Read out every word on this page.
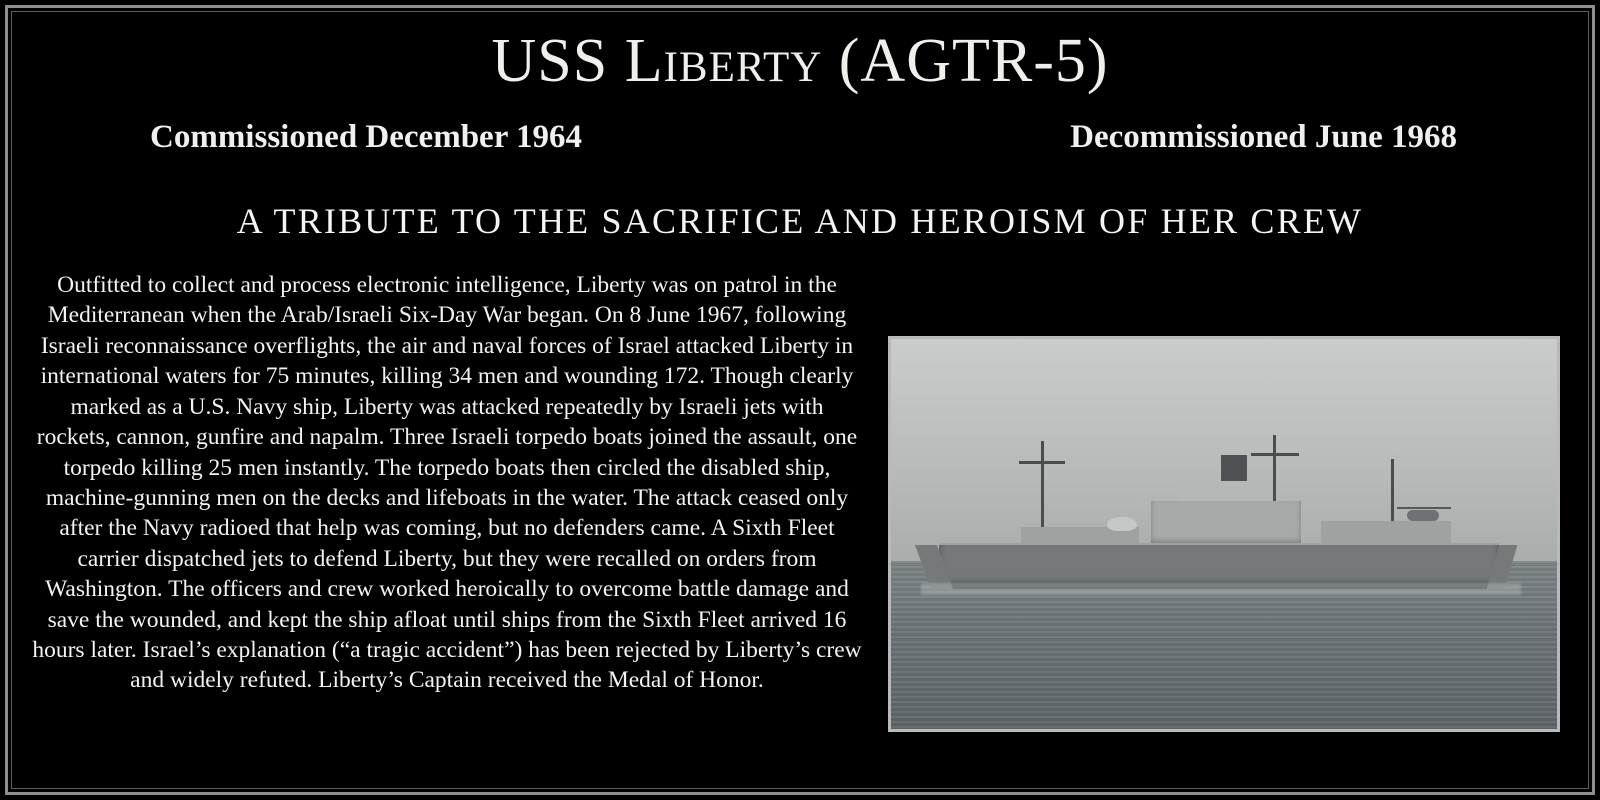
USS Liberty (AGTR-5)
Commissioned December 1964	Decommissioned June 1968
A TRIBUTE TO THE SACRIFICE AND HEROISM OF HER CREW

Outfitted to collect and process electronic intelligence, Liberty was on patrol in the Mediterranean when the Arab/Israeli Six-Day War began. On 8 June 1967, following Israeli reconnaissance overflights, the air and naval forces of Israel attacked Liberty in international waters for 75 minutes, killing 34 men and wounding 172. Though clearly marked as a U.S. Navy ship, Liberty was attacked repeatedly by Israeli jets with rockets, cannon, gunfire and napalm. Three Israeli torpedo boats joined the assault, one torpedo killing 25 men instantly. The torpedo boats then circled the disabled ship, machine-gunning men on the decks and lifeboats in the water. The attack ceased only after the Navy radioed that help was coming, but no defenders came. A Sixth Fleet carrier dispatched jets to defend Liberty, but they were recalled on orders from Washington. The officers and crew worked heroically to overcome battle damage and save the wounded, and kept the ship afloat until ships from the Sixth Fleet arrived 16 hours later. Israel’s explanation (“a tragic accident”) has been rejected by Liberty’s crew and widely refuted. Liberty’s Captain received the Medal of Honor.
